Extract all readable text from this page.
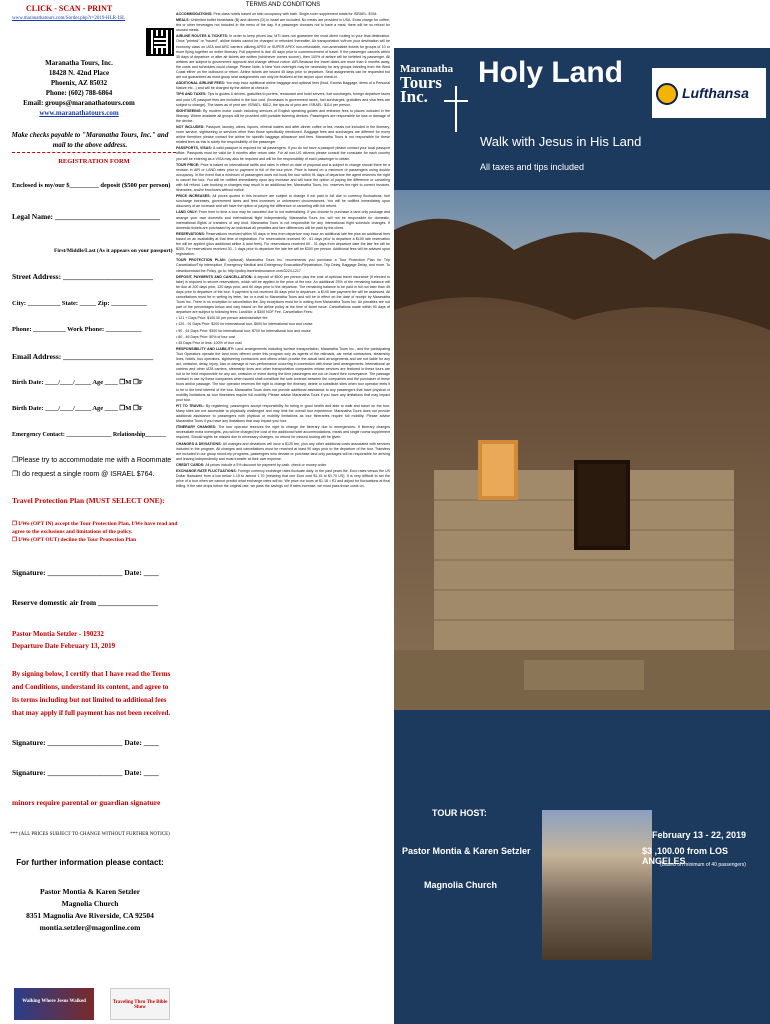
CLICK - SCAN - PRINT
www.maranathatours.com/Sorder.php?r=2019-HLR-ISL
Maranatha Tours, Inc.
18428 N. 42nd Place
Phoenix, AZ 85032
Phone: (602) 788-6864
Email: groups@maranathatours.com
www.maranathatours.com
Make checks payable to "Maranatha Tours, Inc." and mail to the above address.
REGISTRATION FORM
Enclosed is my/our $_________ deposit ($500 per person)
Legal Name: ____________________________
First/Middle/Last (As it appears on your passport)
Street Address: ________________________
City: __________ State: _____ Zip: ___________
Phone: __________ Work Phone: ___________
Email Address: ________________________
Birth Date: ____/____/_____ Age ____ ❐M ❐F
Birth Date: ____/____/_____ Age ____ ❐M ❐F
Emergency Contact: _______________ Relationship_______
❐Please try to accommodate me with a Roommate
❐I do request a single room @ ISRAEL $764.
Travel Protection Plan (MUST SELECT ONE):
❐ I/We (OPT IN) accept the Tour Protection Plan, I/We have read and agree to the exclusions and limitations of the policy.
❐ I/We (OPT OUT) decline the Tour Protection Plan
Signature: ____________________ Date: ____
Reserve domestic air from ________________
Pastor Montia Setzler - 190232
Departure Date February 13, 2019
By signing below, I certify that I have read the Terms and Conditions, understand its content, and agree to its terms including but not limited to additional fees that may apply if full payment has not been received.
Signature: ____________________ Date: ____
Signature: ____________________ Date: ____
minors require parental or guardian signature
*** (ALL PRICES SUBJECT TO CHANGE WITHOUT FURTHER NOTICE)
For further information please contact:
Pastor Montia & Karen Setzler
Magnolia Church
8351 Magnolia Ave Riverside, CA 92504
montia.setzler@magonline.com
Walking Where Jesus Walked	Traveling Thru The Bible Show
TERMS AND CONDITIONS

ACCOMMODATIONS: First class hotels based on twin occupancy with bath. Single-room supplement totals for ISRAEL: $764.

MEALS: Unlimited buffet breakfasts (B) and dinners (D) in Israel are included. No meals are provided in USA. Extra charge for coffee, tea or other beverages not included in the menu of the day. If a passenger chooses not to have a meal, there will be no refund for unused meals.

AIRLINE ROUTES & TICKETS: In order to keep prices low, MTI does not guarantee the most direct routing to your final destination. Once "printed" or "issued", airline tickets cannot be changed or refunded thereafter. Air transportation to/from your destination will be economy class on IATA and ARC carriers utilizing APEX or SUPER APEX non-refundable, non-amendable tickets for groups of 10 or more flying together on entire itinerary. Full payment is due 45 days prior to commencement of travel. If the passenger cancels within 35 days of departure or after air tickets are written (whichever comes sooner), then 100% of airfare will be forfeited by passenger. All airfares are subject to government approval and change without notice. AIR-Because the travel dates are more than 6 months away, the costs and schedules could change. Please Note: A New York overnight may be necessary for any groups traveling from the West Coast either on the outbound or return. Airline tickets are issued 45 days prior to departure. Seat assignments can be requested but are not guaranteed as most group seat assignments can only be finalized at the airport upon check-in.

ADDITIONAL AIRLINE FEES: You may incur additional airline baggage and optional fees (food, Excess Baggage, items of a Personal Nature etc...) and will be charged by the airline at check in.

TIPS AND TAXES: Tips to guides & drivers, gratuities to porters, restaurant and hotel servers, fuel surcharges, foreign departure taxes and your US passport fees are included in the tour cost. (Increases in government taxes, fuel surcharges, gratuities and visa fees are subject to change). The taxes as of print are: ISRAEL: $812, the tips as of print are: ISRAEL: $114 per person.

SIGHTSEEING: By modern motor coach including services of English speaking guides and entrance fees to places included in the itinerary. Where available all groups will be provided with portable listening devices. Passengers are responsible for loss or damage of the device.

NOT INCLUDED: Passport, laundry, wines, liquors, mineral waters and after-dinner coffee or tea, meals not included in the itinerary, room service, sightseeing or services other than those specifically mentioned. Baggage fees and surcharges are different for every airline therefore please contact the airline for specific baggage allowance and fees. Maranatha Tours is not responsible for these related fees as this is solely the responsibility of the passenger.

PASSPORTS, VISAS: A valid passport is required for all passengers. If you do not have a passport please contact your local passport office. Passports must be valid for 6 months after return date. For all non-US citizens please consult the consulate for each country you will be entering as a VISA may also be required and will be the responsibility of each passenger to obtain.

TOUR PRICE: Price is based on international tariffs and rates in effect on date of proposal and is subject to change should there be a revision in AIR or LAND rates prior to payment in full of the tour price. Price is based on a minimum of passengers using double occupancy. In the event that a minimum of passengers does not book the tour within 91 days of departure the agent reserves the right to cancel the tour. You will be notified immediately upon any increase and will have the option of paying the difference or canceling with full refund. Late booking or changes may result in an additional fee. Maranatha Tours, Inc. reserves the right to correct invoices, itineraries, and/or brochures without notice.

PRICE INCREASES: All prices quoted in this brochure are subject to change if not paid in full due to currency fluctuations, fuel surcharge increases, government taxes and fees increases or unforeseen circumstances. You will be notified immediately upon discovery of an increase and will have the option of paying the difference or canceling with full refund.

LAND ONLY: From time to time a tour may be canceled due to not materializing. If you choose to purchase a land only package and arrange your own domestic and international flight independently, Maranatha Tours Inc. will not be responsible for domestic, international flights or transfers of any kind. Maranatha Tours is not responsible for any International flight schedule changes. If domestic tickets are purchased by an individual all penalties and fare differences will be paid by the client.

RESERVATIONS: Reservations received within 90 days or less from departure may incur an additional late fee plus an additional fees based on an availability at that time of registration. For reservations received 90 - 61 days prior to departure a $100 late reservation fee will be applied (plus additional airline & land fees). For reservations received 60 - 31 days from departure date the late fee will be $200. For reservations received 30 - 1 days prior to departure the late fee will be $300 per person. Additional fees will be advised upon registration.

TOUR PROTECTION PLAN: (optional) Maranatha Tours Inc. recommends you purchase a Tour Protection Plan for Trip Cancellation/Trip Interruption, Emergency Medical and Emergency Evacuation/Repatriation, Trip Delay, Baggage Delay, and more. To view/download the Policy, go to: http://policy.travelexinsurance.com/3224-1217

DEPOSIT, PAYMENTS AND CANCELLATION: A deposit of $500 per person plus the cost of optional travel insurance (if elected to take) is required to secure reservations, which will be applied to the price of the tour. An additional 25% of the remaining balance will be due at 200 days prior, 120 days prior, and 60 days prior to the departure. The remaining balance to be paid in full not later than 45 days prior to departure of the tour. If payment is not received 45 days prior to departure, a $100 late payment fee will be assessed. All cancellations must be in writing by letter, fax or e-mail to Maranatha Tours and will be in effect on the date of receipt by Maranatha Tours Inc. There is no exception to cancellation fee. Any exceptions must be in writing from Maranatha Tours Inc. Air penalties are not part of the percentages below and vary based on the airline policy at the time of ticket issue. Cancellations made within 90 days of departure are subject to following fees: Land/Air: a $300 NOF Fee. Cancellation Fees:

• 121 + Days Prior: $100.00 per person administrative fee

• 120 - 91 Days Prior: $200 for international tour, $600 for international tour and cruise

• 90 - 61 Days Prior: $300 for international tour, $700 for International tour and cruise

• 60 - 46 Days Prior: 50% of tour cost

• 45 Days Prior or less: 100% of tour cost

RESPONSIBILITY AND LIABILITY: Land arrangements including surface transportation, Maranatha Tours Inc., and the participating Tour Operators operate the land tours offered under this program only as agents of the railroads, car rental contractors, steamship lines, hotels, bus operators, sightseeing contractors and others which provide the actual land arrangements and are not liable for any act, omission, delay, injury, loss or damage or non-performance occurring in connection with these land arrangements. International air carriers and other IATA carriers, steamship lines and other transportation companies whose services are featured in these tours are not to be held responsible for any act, omission or event during the time passengers are not on board their conveyance. The passage contract in use by these companies when issued shall constitute the sole contract between the companies and the purchaser of these tours and/or passage. The tour operator reserves the right to change the itinerary, delete or substitute sites when tour operator feels it to be in the best interest of the tour. Maranatha Tours does not provide additional assistance to any passengers that have physical or mobility limitations as tour itineraries require full mobility. Please advise Maranatha Tours if you have any limitations that may impact your tour.

FIT TO TRAVEL: By registering, passengers accept responsibility for being in good health and able to walk and travel on the tour. Many sites are not accessible to physically challenged and may limit the overall tour experience. Maranatha Tours does not provide additional assistance to passengers with physical or mobility limitations as tour itineraries require full mobility. Please advise Maranatha Tours if you have any limitations that may impact your tour.

ITINERARY CHANGES: The tour operator reserves the right to change the itinerary due to emergencies. If itinerary changes necessitate extra overnights, you will be charged the cost of the additional hotel accommodations, meals and single rooms supplement required. Should sights be missed due to necessary changes, no refund for missed touring will be given.

CHANGES & DEVIATIONS: All changes and deviations will incur a $125 fee, plus any other additional costs associated with services included in the program. All changes and cancellations must be received at least 90 days prior to the departure of the tour. Transfers are included in our group round-trip programs, passengers who deviate or purchase land only packages will be responsible for arriving and leaving independently and must transfer at their own expense.

CREDIT CARDS: All prices include a 5% discount for payment by cash, check or money order.

EXCHANGE RATE FLUCTUATIONS: Foreign currency exchange rates fluctuate daily. In the past years the, Euro rates versus the US Dollar fluctuated from a low below 1.15 to almost 1.70 (meaning that one Euro cost $1.15 to $1.70 US). It is very difficult to set the price of a tour when we cannot predict what exchange rates will do. We price our tours at $1.18 = €1 and adjust for fluctuations at final billing. If the rate drops below the original rate, we pass the savings on! If rates increase, we must pass those costs on.

Maranatha
Tours
Inc.
Holy Land
Walk with Jesus in His Land
All taxes and tips included
Lufthansa
TOUR HOST:
Pastor Montia & Karen Setzler
Magnolia Church
February 13 - 22, 2019
$3 ,100.00 from LOS ANGELES
(Based on minimum of 40 passengers)
